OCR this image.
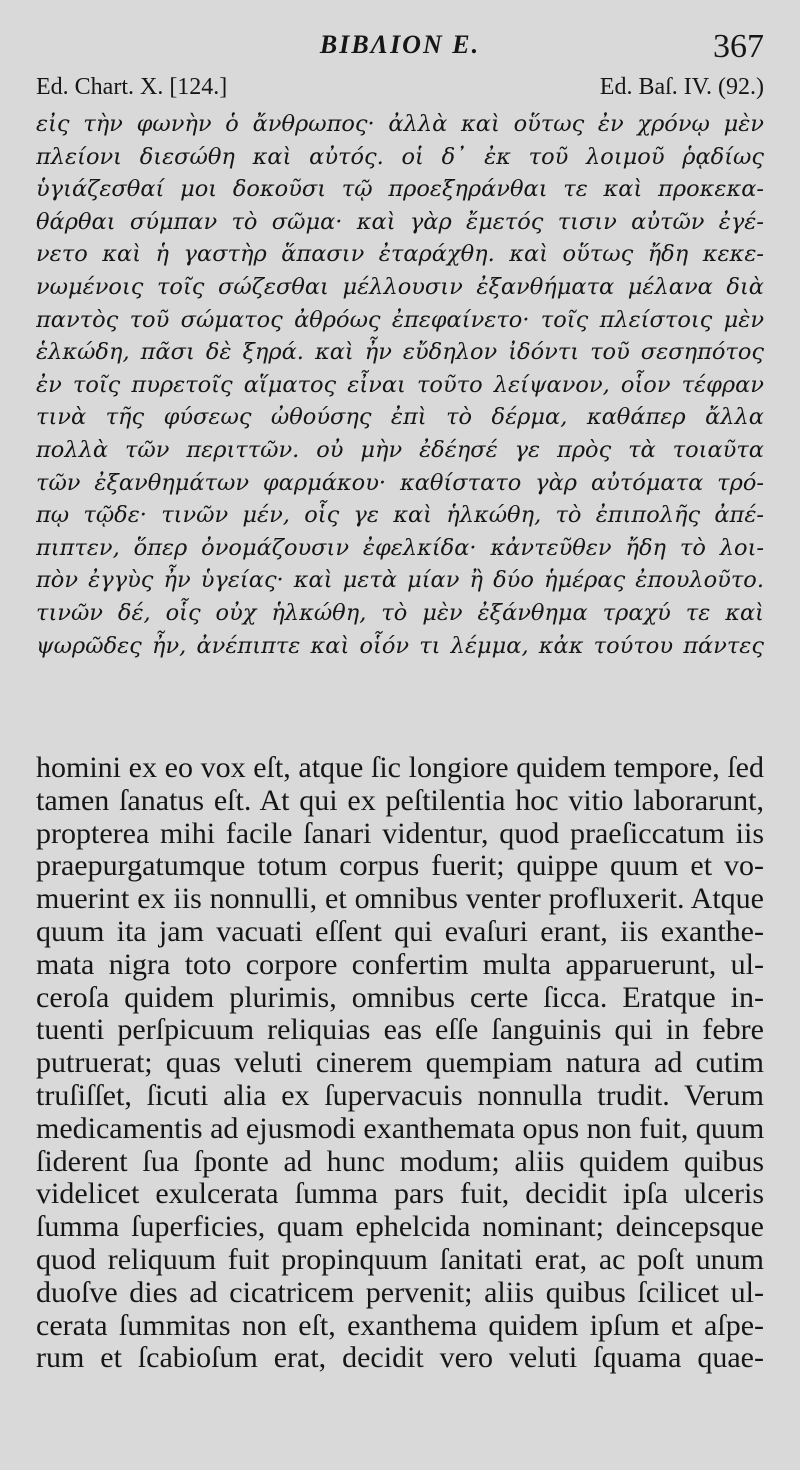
BIBΛION E.	367
Ed. Chart. X. [124.]	Ed. Baſ. IV. (92.)
εἰς τὴν φωνὴν ὁ ἄνθρωπος· ἀλλὰ καὶ οὕτως ἐν χρόνῳ μὲν
πλείονι διεσώθη καὶ αὐτός. οἱ δ᾽ ἐκ τοῦ λοιμοῦ ῥᾳδίως
ὑγιάζεσθαί μοι δοκοῦσι τῷ προεξηράνθαι τε καὶ προκεκα-
θάρθαι σύμπαν τὸ σῶμα· καὶ γὰρ ἔμετός τισιν αὐτῶν ἐγέ-
νετο καὶ ἡ γαστὴρ ἅπασιν ἐταράχθη. καὶ οὕτως ἤδη κεκε-
νωμένοις τοῖς σώζεσθαι μέλλουσιν ἐξανθήματα μέλανα διὰ
παντὸς τοῦ σώματος ἀθρόως ἐπεφαίνετο· τοῖς πλείστοις μὲν
ἑλκώδη, πᾶσι δὲ ξηρά. καὶ ἦν εὔδηλον ἰδόντι τοῦ σεσηπότος
ἐν τοῖς πυρετοῖς αἵματος εἶναι τοῦτο λείψανον, οἷον τέφραν
τινὰ τῆς φύσεως ὠθούσης ἐπὶ τὸ δέρμα, καθάπερ ἄλλα
πολλὰ τῶν περιττῶν. οὐ μὴν ἐδέησέ γε πρὸς τὰ τοιαῦτα
τῶν ἐξανθημάτων φαρμάκου· καθίστατο γὰρ αὐτόματα τρό-
πῳ τῷδε· τινῶν μέν, οἷς γε καὶ ἡλκώθη, τὸ ἐπιπολῆς ἀπέ-
πιπτεν, ὅπερ ὀνομάζουσιν ἐφελκίδα· κἀντεῦθεν ἤδη τὸ λοι-
πὸν ἐγγὺς ἦν ὑγείας· καὶ μετὰ μίαν ἢ δύο ἡμέρας ἐπουλοῦτο.
τινῶν δέ, οἷς οὐχ ἡλκώθη, τὸ μὲν ἐξάνθημα τραχύ τε καὶ
ψωρῶδες ἦν, ἀνέπιπτε καὶ οἷόν τι λέμμα, κἀκ τούτου πάντες
homini ex eo vox eſt, atque ſic longiore quidem tempore, ſed
tamen ſanatus eſt. At qui ex peſtilentia hoc vitio laborarunt,
propterea mihi facile ſanari videntur, quod praeſiccatum iis
praepurgatumque totum corpus fuerit; quippe quum et vo-
muerint ex iis nonnulli, et omnibus venter profluxerit. Atque
quum ita jam vacuati eſſent qui evaſuri erant, iis exanthe-
mata nigra toto corpore confertim multa apparuerunt, ul-
ceroſa quidem plurimis, omnibus certe ſicca. Eratque in-
tuenti perſpicuum reliquias eas eſſe ſanguinis qui in febre
putruerat; quas veluti cinerem quempiam natura ad cutim
truſiſſet, ſicuti alia ex ſupervacuis nonnulla trudit. Verum
medicamentis ad ejusmodi exanthemata opus non fuit, quum
ſiderent ſua ſponte ad hunc modum; aliis quidem quibus
videlicet exulcerata ſumma pars fuit, decidit ipſa ulceris
ſumma ſuperficies, quam ephelcida nominant; deincepsque
quod reliquum fuit propinquum ſanitati erat, ac poſt unum
duoſve dies ad cicatricem pervenit; aliis quibus ſcilicet ul-
cerata ſummitas non eſt, exanthema quidem ipſum et aſpe-
rum et ſcabioſum erat, decidit vero veluti ſquama quae-
